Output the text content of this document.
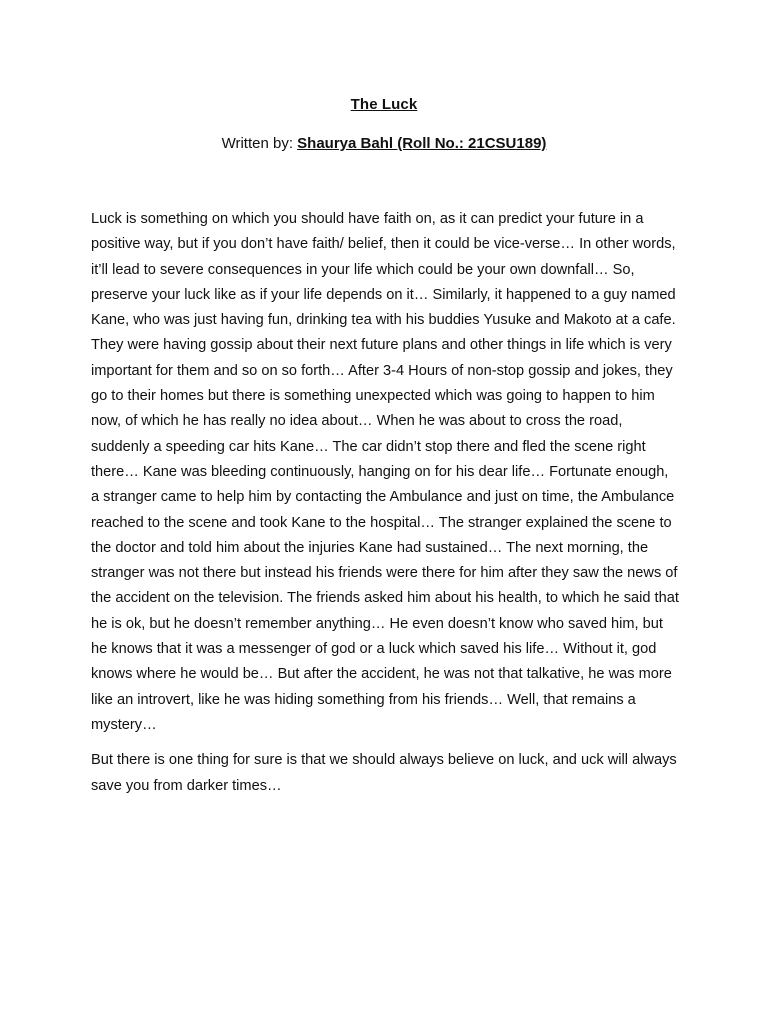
The Luck
Written by: Shaurya Bahl (Roll No.: 21CSU189)

Luck is something on which you should have faith on, as it can predict your future in a positive way, but if you don’t have faith/ belief, then it could be vice-verse… In other words, it’ll lead to severe consequences in your life which could be your own downfall… So, preserve your luck like as if your life depends on it… Similarly, it happened to a guy named Kane, who was just having fun, drinking tea with his buddies Yusuke and Makoto at a cafe. They were having gossip about their next future plans and other things in life which is very important for them and so on so forth… After 3-4 Hours of non-stop gossip and jokes, they go to their homes but there is something unexpected which was going to happen to him now, of which he has really no idea about… When he was about to cross the road, suddenly a speeding car hits Kane… The car didn’t stop there and fled the scene right there… Kane was bleeding continuously, hanging on for his dear life… Fortunate enough, a stranger came to help him by contacting the Ambulance and just on time, the Ambulance reached to the scene and took Kane to the hospital… The stranger explained the scene to the doctor and told him about the injuries Kane had sustained… The next morning, the stranger was not there but instead his friends were there for him after they saw the news of the accident on the television. The friends asked him about his health, to which he said that he is ok, but he doesn’t remember anything… He even doesn’t know who saved him, but he knows that it was a messenger of god or a luck which saved his life… Without it, god knows where he would be… But after the accident, he was not that talkative, he was more like an introvert, like he was hiding something from his friends… Well, that remains a mystery…

But there is one thing for sure is that we should always believe on luck, and uck will always save you from darker times…
